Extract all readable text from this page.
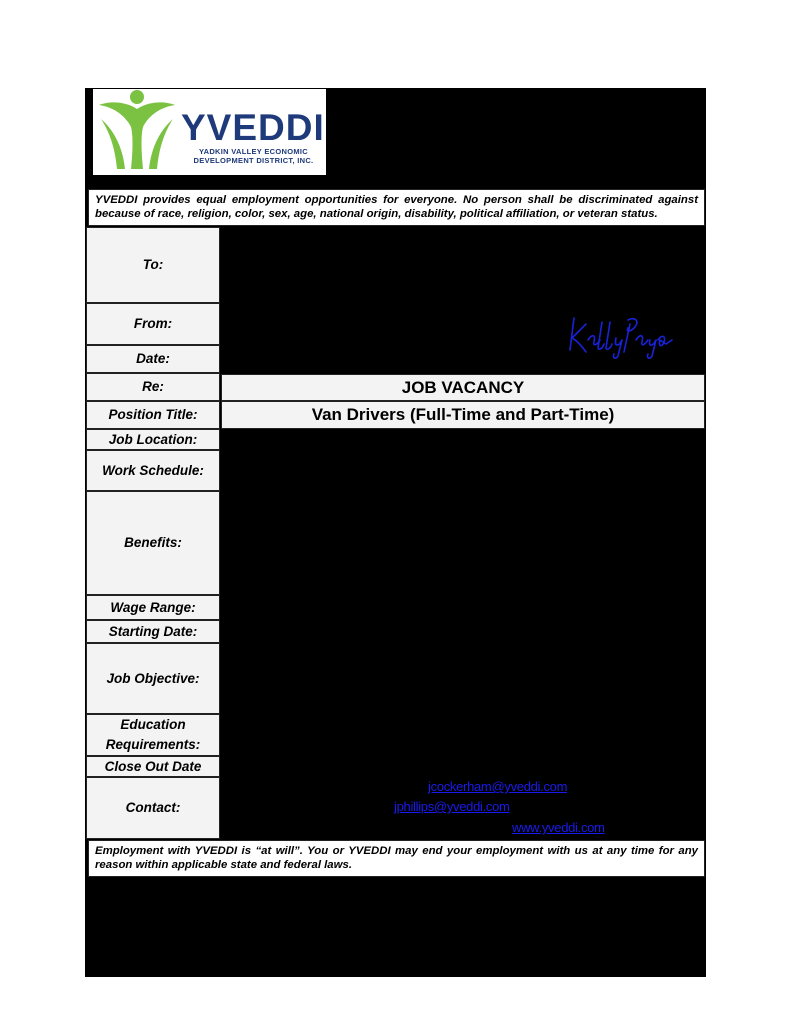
YVEDDI
YADKIN VALLEY ECONOMIC DEVELOPMENT DISTRICT, INC.
YVEDDI provides equal employment opportunities for everyone. No person shall be discriminated against because of race, religion, color, sex, age, national origin, disability, political affiliation, or veteran status.
To:
From:
Date:
Re:
Position Title:
Job Location:
Work Schedule:
Benefits:
Wage Range:
Starting Date:
Job Objective:
Education Requirements:
Close Out Date
Contact:
JOB VACANCY
Van Drivers (Full-Time and Part-Time)
jcockerham@yveddi.com
jphillips@yveddi.com
www.yveddi.com
Employment with YVEDDI is “at will”. You or YVEDDI may end your employment with us at any time for any reason within applicable state and federal laws.
